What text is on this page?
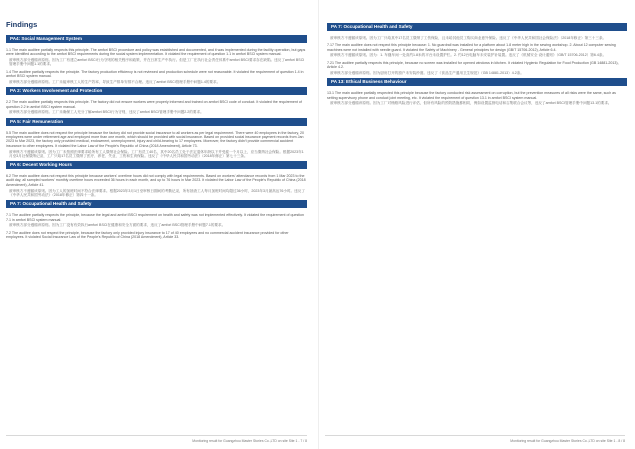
Findings
PA4: Social Management System
1.1 The main auditee partially respects this principle. The amfori BSCI procedure and policy was established and documented, and it was implemented during the facility operation, but gaps were identified according to the amfori BSCI requirements during the social system implementation. It violated the requirement of question 1.1 in amfori BSCI system manual.
被审核方部分遵循该原则。因为工厂有建立amfori BSCI行为守则的相关程序和政策，并在日常生产中执行。但是工厂在执行社会责任体系中amfori BSCI要求存在缺陷。违反了amfori BSCI管理手册中问题1.1的要求。
1.4 The auditee partially respects the principle. The factory production efficiency is not reviewed and production schedule were not reasonable. It violated the requirement of question 1.4 in amfori BSCI system manual.
被审核方部分遵循该原则。工厂未能审核工人的生产效率，导致生产排单安排不合理。违反了amfori BSCI管理手册中问题1.4的要求。
PA 2: Workers Involvement and Protection
2.2 The main auditee partially respects this principle. The factory did not ensure workers were properly informed and trained on amfori BSCI code of conduct. It violated the requirement of question 2.2 in amfori BSCI system manual.
被审核方部分遵循该原则。工厂未确保工人充分了解amfori BSCI行为守则，违反了amfori BSCI管理手册中问题2.2的要求。
PA 5: Fair Remuneration
5.5 The main auditee does not respect the principle because the factory did not provide social insurance to all workers as per legal requirement. There were 40 employees in the factory, 20 employees were under retirement age and employed more than one month, which should be provided with social insurance. Based on provided social insurance payment records from Jan 2023 to Mar 2023, the factory only provided medical, endowment, unemployment, injury and child-bearing to 17 employees. Moreover, the factory didn't provide commercial accident insurance to other employees. It violated the Labor Law of the People's Republic of China (2018 Amendment), Article 73.
被审核方不遵循该原则。因为工厂未按照法律要求给所有工人缴纳社会保险。工厂有员工40名，其中20名员工处于法定退休年龄以下并受雇一个月以上，应当缴纳社会保险。根据2023年1月至3月社保缴纳记录，工厂只给17名员工缴纳了医疗、养老、失业、工伤和生育保险。违反了《中华人民共和国劳动法》（2018年修正）第七十三条。
PA 6: Decent Working Hours
6.2 The main auditee does not respect this principle because workers' overtime hours did not comply with legal requirements. Based on workers' attendance records from 1 Mar 2023 to the audit day, all sampled workers' monthly overtime hours exceeded 36 hours in each month, and up to 76 hours in Mar 2023. It violated the Labor Law of the People's Republic of China (2018 Amendment), Article 41.
被审核方不遵循该原则。因为工人的加班时间不符合法律要求。根据2023年3月1日至审核日期间的考勤记录，所有抽查工人每月加班时间均超过36小时，2023年3月最高达76小时。违反了《中华人民共和国劳动法》（2018年修正）第四十一条。
PA 7: Occupational Health and Safety
7.1 The auditee partially respects the principle, because the legal and amfori BSCI requirement on health and safety was not implemented effectively. It violated the requirement of question 7.1 in amfori BSCI system manual.
被审核方部分遵循该原则。因为工厂没有有效执行amfori BSCI在健康和安全方面的要求，违反了amfori BSCI管理手册中问题7.1的要求。
7.2 The auditee does not respect the principle, because the factory only provided injury insurance to 17 of 40 employees and no commercial accident insurance provided for other employees. It violated Social Insurance Law of the People's Republic of China (2018 Amendment), Article 33.
Monitoring result for Guangzhou Master Stories Co.,LTD on site Site 1 - 7 / 8
PA 7: Occupational Health and Safety
被审核方不遵循该原则。因为工厂只给其中17名员工缴纳了工伤保险，且未给其他员工购买商业意外保险。违反了《中华人民共和国社会保险法》（2018年修正）第三十三条。
7.17 The main auditee does not respect this principle because: 1. No guardrail was installed for a platform about 1.8 meter high in the sewing workshop. 2. About 12 computer sewing machines were not installed with needle guard. It violated the Safety of Machinery - General principles for design (GB/T 15706-2012), Article 6.4.
被审核方不遵循该原则。因为：1. 车缝车间一处高约1.8米的平台未设置护栏。2. 约12台电脑车未安装护针装置。违反了《机械安全 设计通则》（GB/T 15706-2012）第6.4条。
7.21 The auditee partially respects this principle, because no screen was installed for opened windows in kitchen. It violated Hygienic Regulation for Food Production (GB 14881-2013), Article 4.2.
被审核方部分遵循该原则。因为厨房打开的窗户未安装纱窗。违反了《食品生产通用卫生规范》（GB 14881-2013）4.2条。
PA 13: Ethical Business Behaviour
13.1 The main auditee partially respected this principle because the factory conducted risk assessment on corruption, but the prevention measures of all risks were the same, such as setting supervisory phone and conduct joint meeting, etc. It violated the requirement of question 13.1 in amfori BSCI system manual.
被审核方部分遵循该原则。因为工厂对贿赂风险进行评估，但所有风险的预防措施都相同，例如设置监督电话和召集联合会议等，违反了amfori BSCI管理手册中问题13.1的要求。
Monitoring result for Guangzhou Master Stories Co.,LTD on site Site 1 - 8 / 8
